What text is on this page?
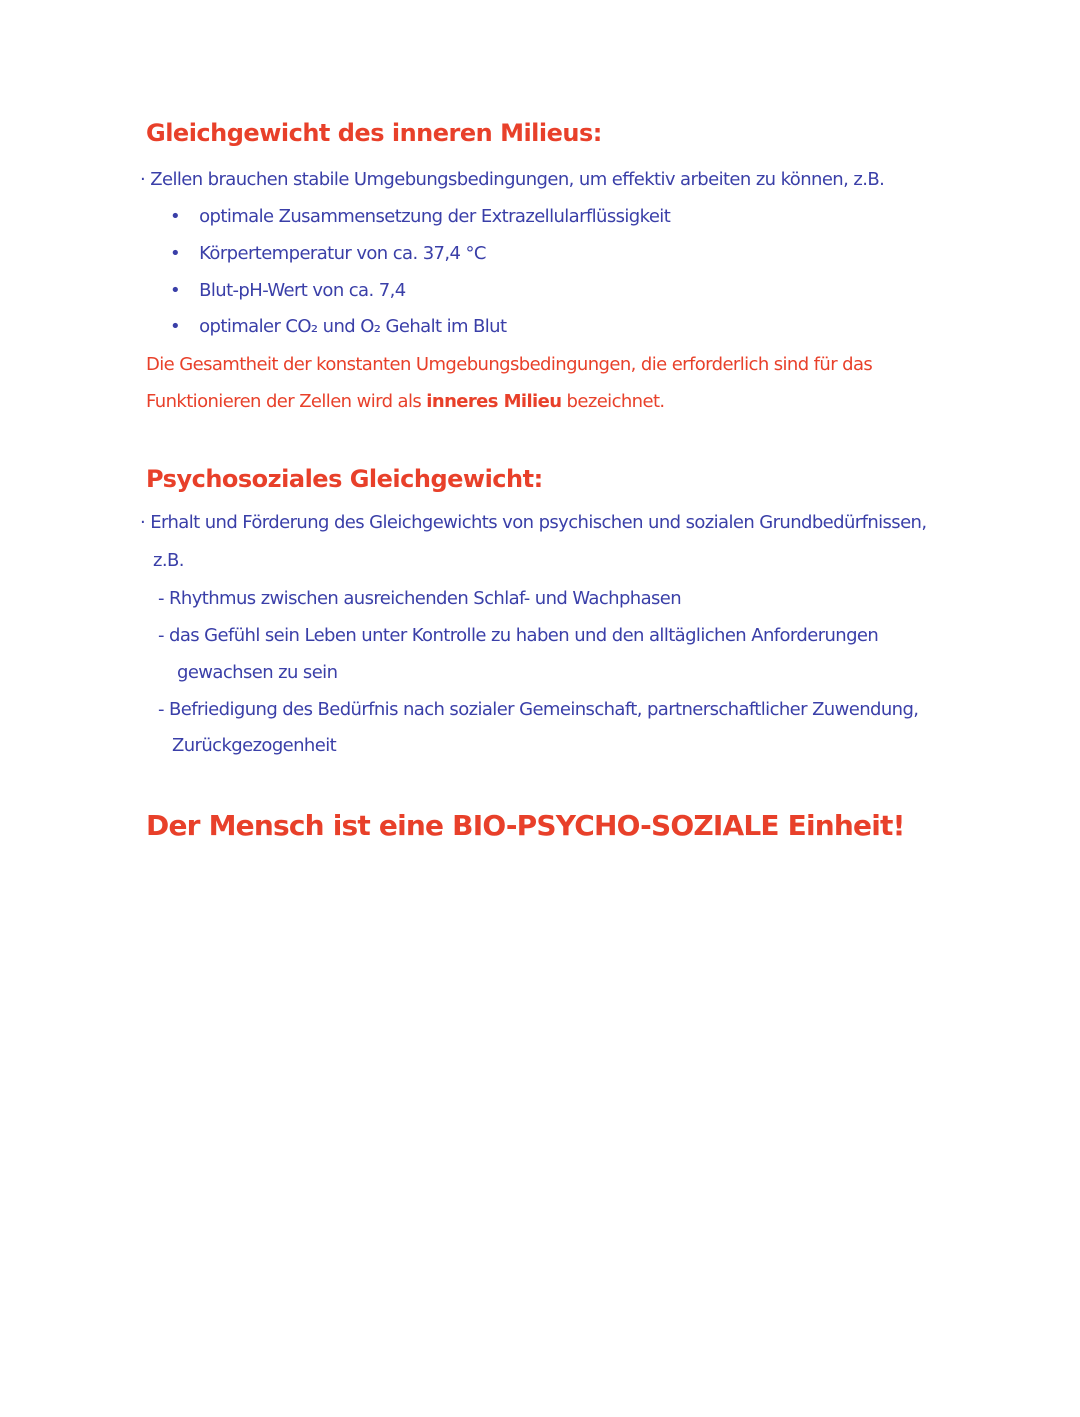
Gleichgewicht des inneren Milieus:
· Zellen brauchen stabile Umgebungsbedingungen, um effektiv arbeiten zu können, z.B.
• optimale Zusammensetzung der Extrazellularflüssigkeit
• Körpertemperatur von ca. 37,4 °C
• Blut-pH-Wert von ca. 7,4
• optimaler CO₂ und O₂ Gehalt im Blut
Die Gesamtheit der konstanten Umgebungsbedingungen, die erforderlich sind für das
Funktionieren der Zellen wird als inneres Milieu bezeichnet.
Psychosoziales Gleichgewicht:
· Erhalt und Förderung des Gleichgewichts von psychischen und sozialen Grundbedürfnissen,
z.B.
- Rhythmus zwischen ausreichenden Schlaf- und Wachphasen
- das Gefühl sein Leben unter Kontrolle zu haben und den alltäglichen Anforderungen
gewachsen zu sein
- Befriedigung des Bedürfnis nach sozialer Gemeinschaft, partnerschaftlicher Zuwendung,
Zurückgezogenheit
Der Mensch ist eine BIO-PSYCHO-SOZIALE Einheit!
